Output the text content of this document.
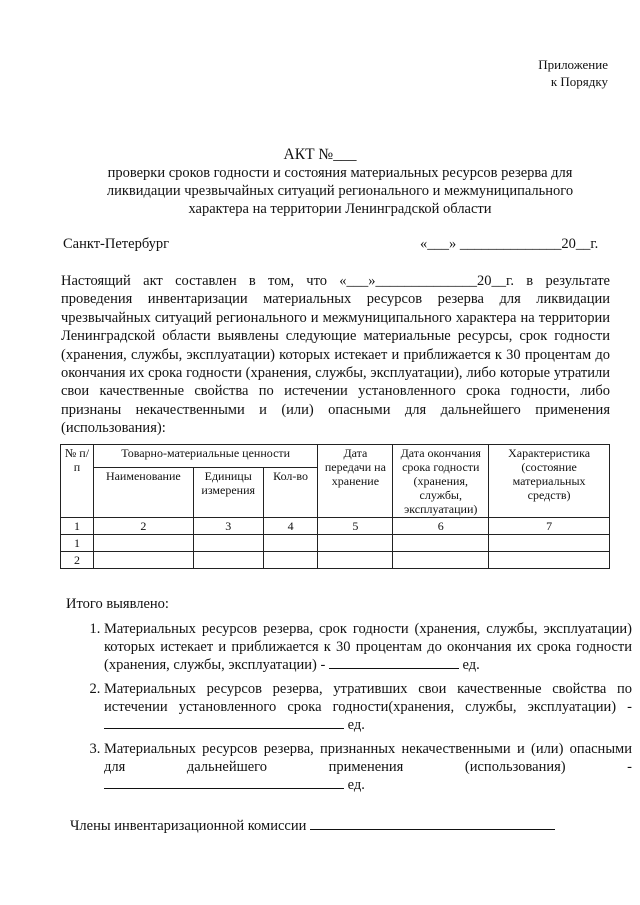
Приложение
к Порядку
АКТ №___
проверки сроков годности и состояния материальных ресурсов резерва для ликвидации чрезвычайных ситуаций регионального и межмуниципального характера на территории Ленинградской области
Санкт-Петербург	«___» ______________20__г.
Настоящий акт составлен в том, что «___»______________20__г. в результате проведения инвентаризации материальных ресурсов резерва для ликвидации чрезвычайных ситуаций регионального и межмуниципального характера на территории Ленинградской области выявлены следующие материальные ресурсы, срок годности (хранения, службы, эксплуатации) которых истекает и приближается к 30 процентам до окончания их срока годности (хранения, службы, эксплуатации), либо которые утратили свои качественные свойства по истечении установленного срока годности, либо признаны некачественными и (или) опасными для дальнейшего применения (использования):
№ п/п	Товарно-материальные ценности			Дата передачи на хранение	Дата окончания срока годности (хранения, службы, эксплуатации)	Характеристика (состояние материальных средств)
	Наименование	Единицы измерения	Кол-во			
1	2	3	4	5	6	7
1						
2						
Итого выявлено:
1. Материальных ресурсов резерва, срок годности (хранения, службы, эксплуатации) которых истекает и приближается к 30 процентам до окончания их срока годности (хранения, службы, эксплуатации) -	ед.
2. Материальных ресурсов резерва, утративших свои качественные свойства по истечении установленного срока годности(хранения, службы, эксплуатации) -  ед.
3. Материальных ресурсов резерва, признанных некачественными и (или) опасными для дальнейшего применения (использования) -  ед.
Члены инвентаризационной комиссии
